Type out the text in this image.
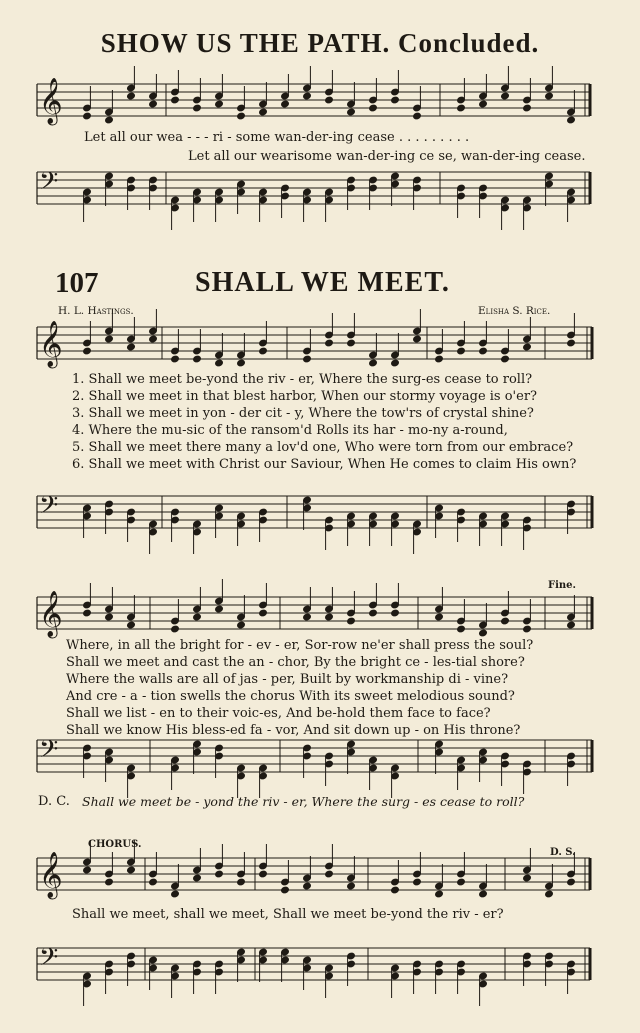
SHOW US THE PATH. Concluded.
𝄞
𝄢
𝄞
𝄢
𝄞
𝄢
𝄞
𝄢
Let all our wea - - - ri - some wan-der-ing cease . . . . . . . . .
Let all our wearisome wan-der-ing ce se, wan-der-ing cease.
107	SHALL WE MEET.
H. L. Hastings.	Elisha S. Rice.
1. Shall we meet be-yond the riv - er, Where the surg-es cease to roll?
2. Shall we meet in that blest harbor, When our stormy voyage is o'er?
3. Shall we meet in yon - der cit - y, Where the tow'rs of crystal shine?
4. Where the mu-sic of the ransom'd Rolls its har - mo-ny a-round,
5. Shall we meet there many a lov'd one, Who were torn from our embrace?
6. Shall we meet with Christ our Saviour, When He comes to claim His own?
Fine.
Where, in all the bright for - ev - er, Sor-row ne'er shall press the soul?
Shall we meet and cast the an - chor, By the bright ce - les-tial shore?
Where the walls are all of jas - per, Built by workmanship di - vine?
And cre - a - tion swells the chorus With its sweet melodious sound?
Shall we list - en to their voic-es, And be-hold them face to face?
Shall we know His bless-ed fa - vor, And sit down up - on His throne?
D. C. Shall we meet be - yond the riv - er, Where the surg - es cease to roll?
CHORUS.
D. S.
Shall we meet, shall we meet, Shall we meet be-yond the riv - er?
